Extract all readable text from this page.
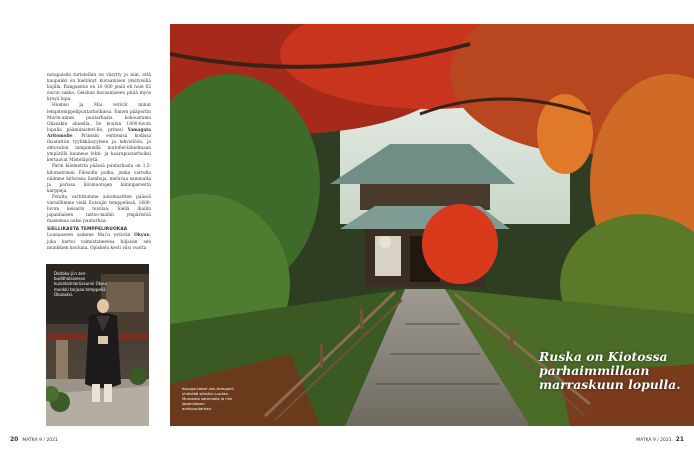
notapaisiin turisteihin on väsytty jo niin, että kaupunki on kieltänyt kuvaamisen yksityisillä kujilla. Rangaistus on 10 000 jeniä eli noin 62 euron sakko. Geishan kuvaamiseen pitää myös kysyä lupa.

Hiomisi ja Mai vetivät minut lempitemppelipuutarhoihinsa. Ennen pääportin Murin-annin puutarhasta kokoustama Okazakin alueella. Se koulun 1800-luvun lopulla päämiinisteri-lle, prinssi Yamagata Aritomolle. Prinssin esittenisä kodissa ihastuttiin tyylikkäisyyteen ja lehvistöön, ja ehtovalon lampimiellä mutofiel-lähielmaan ympärillä kauneus lehti- ja kaarupuutarhoiksi kertaavat Misteläpöytä.

Parin kilometrin päässä puutarhasta on 1,5-kilometrinen Filosofin polku, jonka varrella näimme kirkoissa Sambuja, meluvaa sammalta ja parissa kivimuotojen kiinniparsetta karppeja.

Polulta vartittumme automaattien päässä vieraillimme vielä Eutsujin temppelissä, 1600-luvun keisarin huvilaa. Siellä ihailin japanilaisen tattoo-mallin ympäristöä maisemaa oaksi puutarhaa.

SIELLIKASTA TEMPPELIRUOKAA

Lounaaseen saimme Mai’n ystävän Okyun, joka kertoi valmistaneensa hiljaisin sen munkkien kouluna. Opiskelu kesti viisi vuotta

Daitoku-ji:n zen-buddhalaisessa kuivataimiorüssunni Okyu-munkki tarjoaa temppeliä Okazuksi.
20 MATKA 9 / 2021
Ruska on Kiotossa parhaimmillaan marraskuun lopulla.
Kasuga-taisei zen-temppeli yhdistää silmäin luurtaa. Muinaisia sammalia ja niin japanilaisen arkkipuutarhan.
MATKA 9 / 2021 21
